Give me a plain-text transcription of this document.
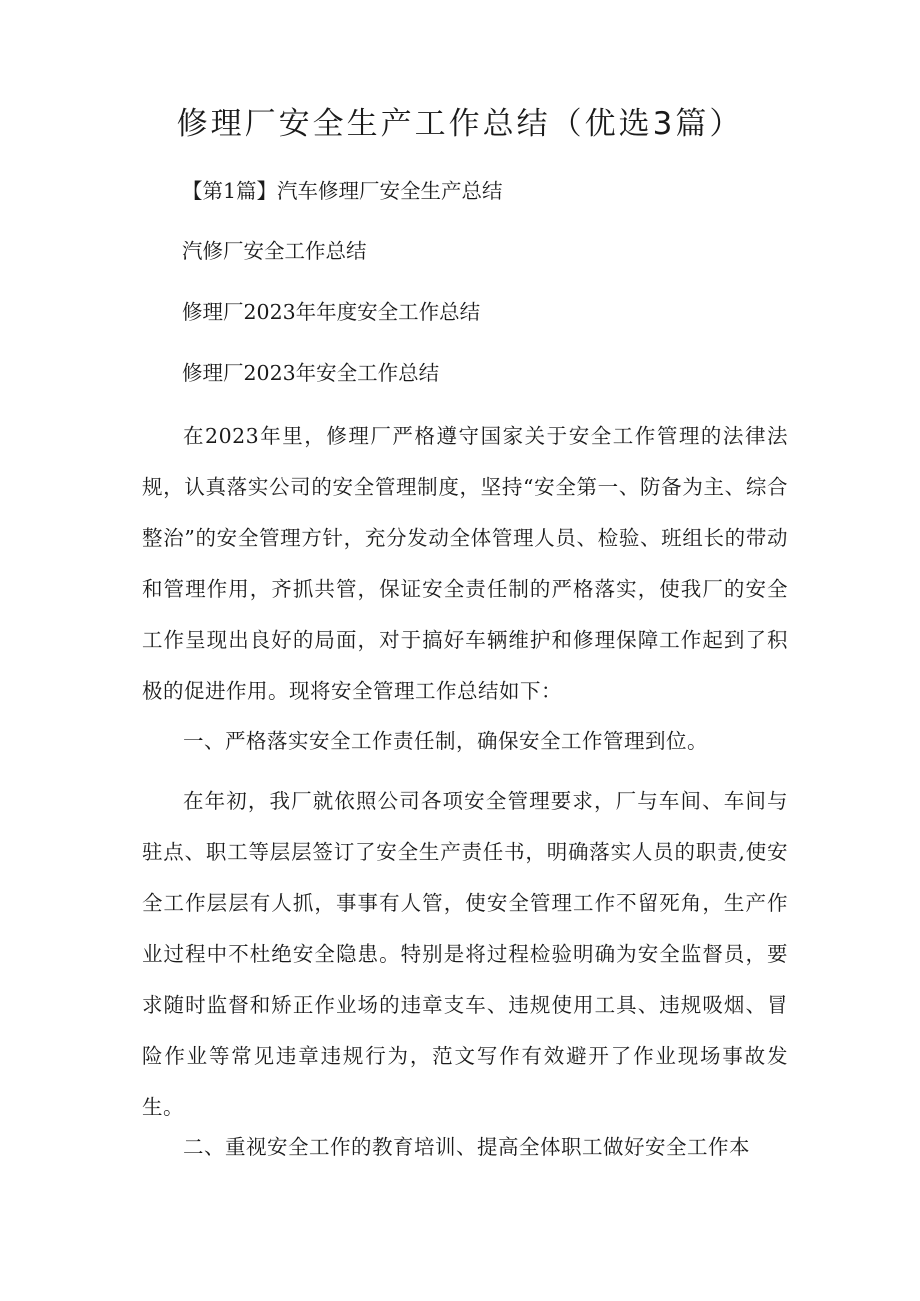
修理厂安全生产工作总结（优选3篇）

【第1篇】汽车修理厂安全生产总结

汽修厂安全工作总结

修理厂2023年年度安全工作总结

修理厂2023年安全工作总结

在2023年里，修理厂严格遵守国家关于安全工作管理的法律法规，认真落实公司的安全管理制度，坚持“安全第一、防备为主、综合整治”的安全管理方针，充分发动全体管理人员、检验、班组长的带动和管理作用，齐抓共管，保证安全责任制的严格落实，使我厂的安全工作呈现出良好的局面，对于搞好车辆维护和修理保障工作起到了积极的促进作用。现将安全管理工作总结如下：

一、严格落实安全工作责任制，确保安全工作管理到位。

在年初，我厂就依照公司各项安全管理要求，厂与车间、车间与驻点、职工等层层签订了安全生产责任书，明确落实人员的职责,使安全工作层层有人抓，事事有人管，使安全管理工作不留死角，生产作业过程中不杜绝安全隐患。特别是将过程检验明确为安全监督员，要求随时监督和矫正作业场的违章支车、违规使用工具、违规吸烟、冒险作业等常见违章违规行为，范文写作有效避开了作业现场事故发生。

二、重视安全工作的教育培训、提高全体职工做好安全工作本
